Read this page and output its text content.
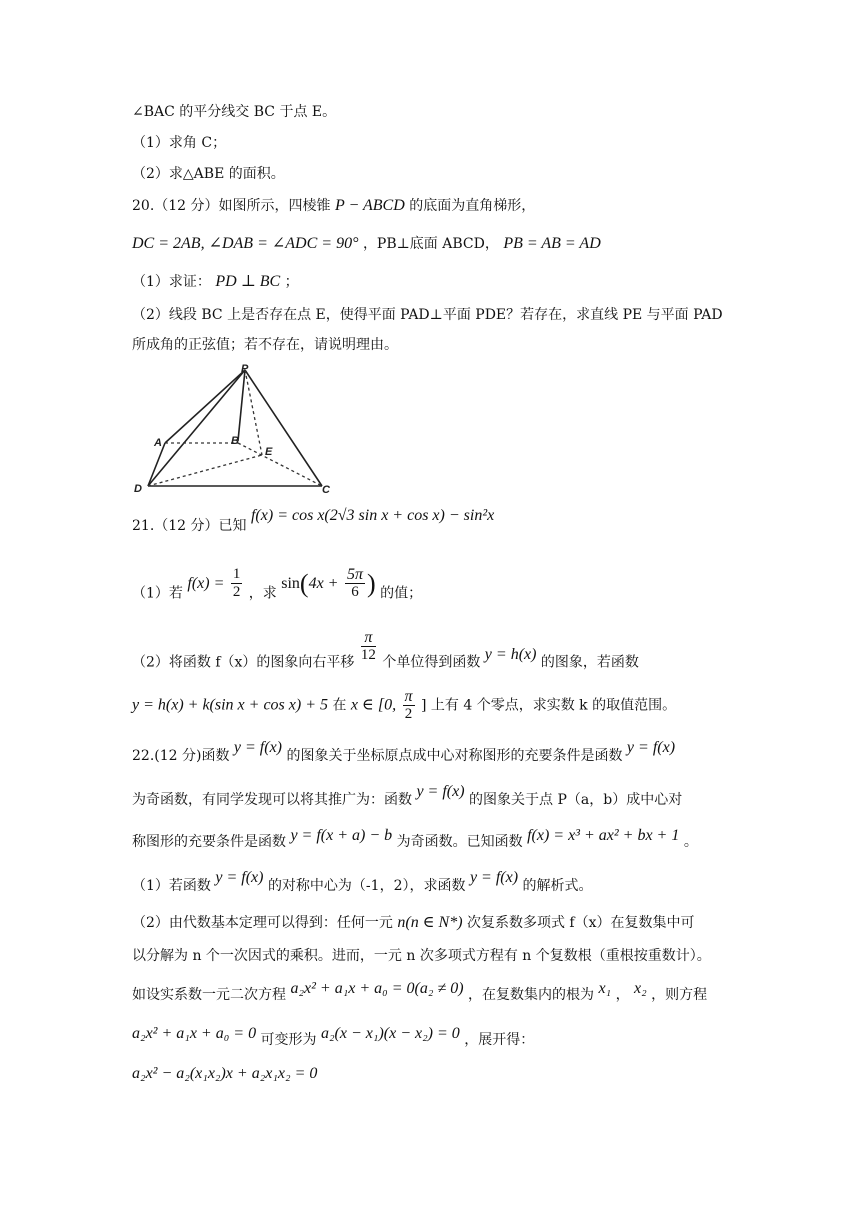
∠BAC 的平分线交 BC 于点 E。
（1）求角 C；
（2）求△ABE 的面积。
20.（12 分）如图所示，四棱锥 P − ABCD 的底面为直角梯形，
DC = 2AB, ∠DAB = ∠ADC = 90° ，PB⊥底面 ABCD， PB = AB = AD
（1）求证： PD ⊥ BC ；
（2）线段 BC 上是否存在点 E，使得平面 PAD⊥平面 PDE？若存在，求直线 PE 与平面 PAD
所成角的正弦值；若不存在，请说明理由。
P
A	B
E
D	C
21.（12 分）已知 f(x) = cos x(2√3 sin x + cos x) − sin²x
（1）若 $f(x) = \frac{1}{2}$ ，求 $\sin(4x + \frac{5\pi}{6}$ ) 的值；
（2）将函数 f（x）的图象向右平移 $\frac{\pi}{12}$ 个单位得到函数 y = h(x) 的图象，若函数
y = h(x) + k(sin x + cos x) + 5 在 x ∈ [0, $\frac{\pi}{2}$ ] 上有 4 个零点，求实数 k 的取值范围。
22.(12 分)函数 y = f(x) 的图象关于坐标原点成中心对称图形的充要条件是函数 y = f(x)
为奇函数，有同学发现可以将其推广为：函数 y = f(x) 的图象关于点 P（a，b）成中心对
称图形的充要条件是函数 y = f(x + a) − b 为奇函数。已知函数 f(x) = x³ + ax² + bx + 1 。
（1）若函数 y = f(x) 的对称中心为（-1，2），求函数 y = f(x) 的解析式。
（2）由代数基本定理可以得到：任何一元 n(n ∈ N*) 次复系数多项式 f（x）在复数集中可
以分解为 n 个一次因式的乘积。进而，一元 n 次多项式方程有 n 个复数根（重根按重数计）。
如设实系数一元二次方程 a₂x² + a₁x + a₀ = 0(a₂ ≠ 0) ，在复数集内的根为 x₁ ， x₂ ，则方程
a₂x² + a₁x + a₀ = 0 可变形为 a₂(x − x₁)(x − x₂) = 0 ，展开得：
a₂x² − a₂(x₁x₂)x + a₂x₁x₂ = 0
